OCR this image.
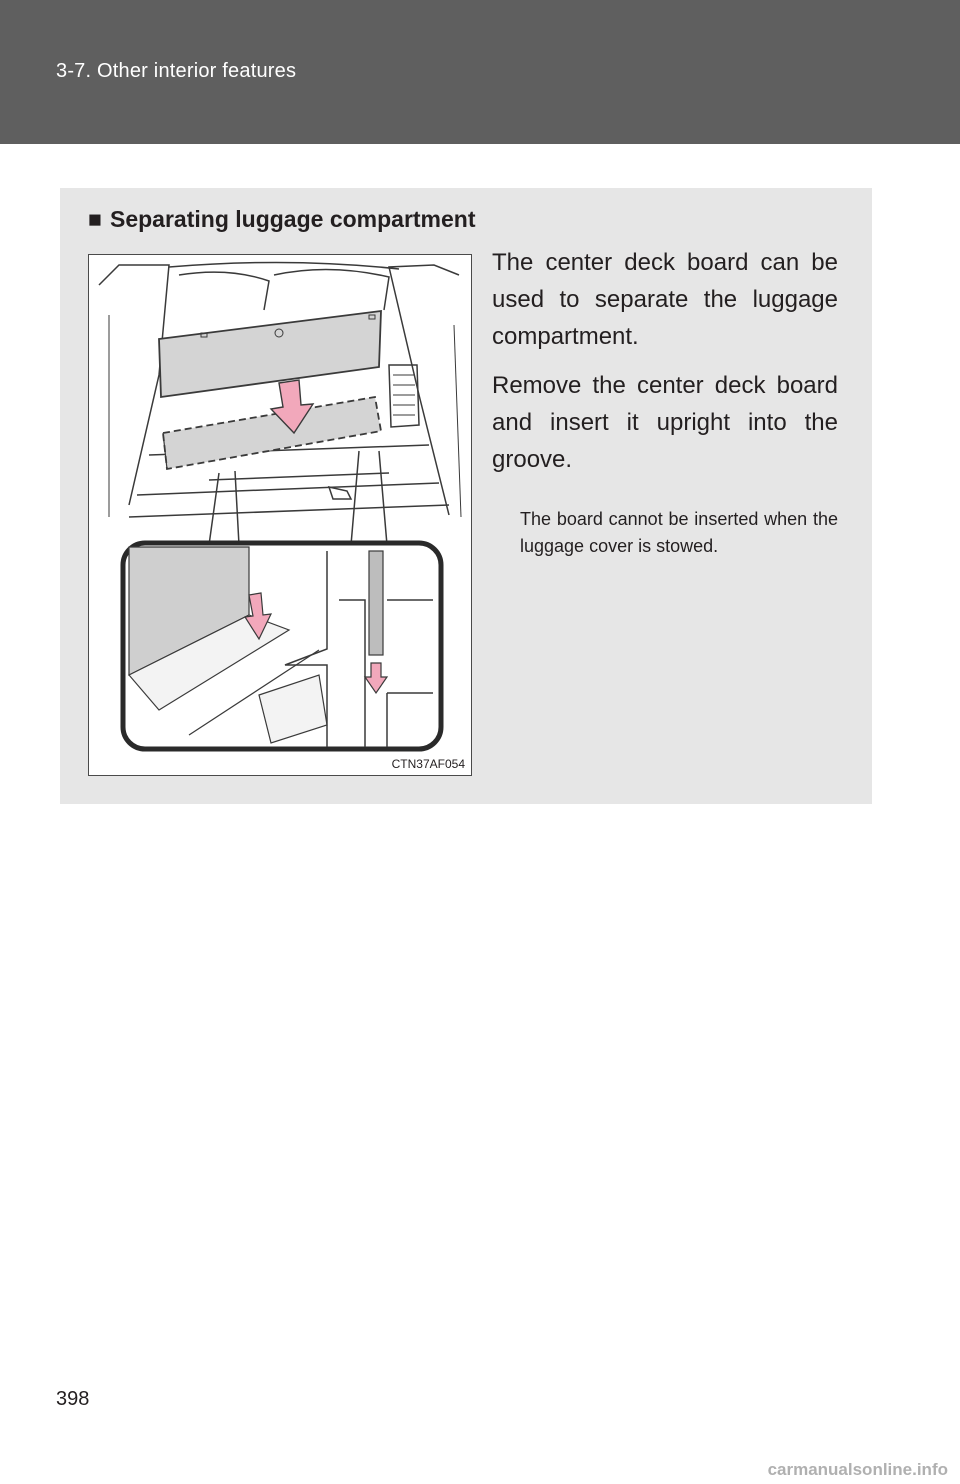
3-7. Other interior features
■ Separating luggage compartment
CTN37AF054

The center deck board can be used to separate the luggage compartment.

Remove the center deck board and insert it upright into the groove.

The board cannot be inserted when the luggage cover is stowed.
398
carmanualsonline.info
